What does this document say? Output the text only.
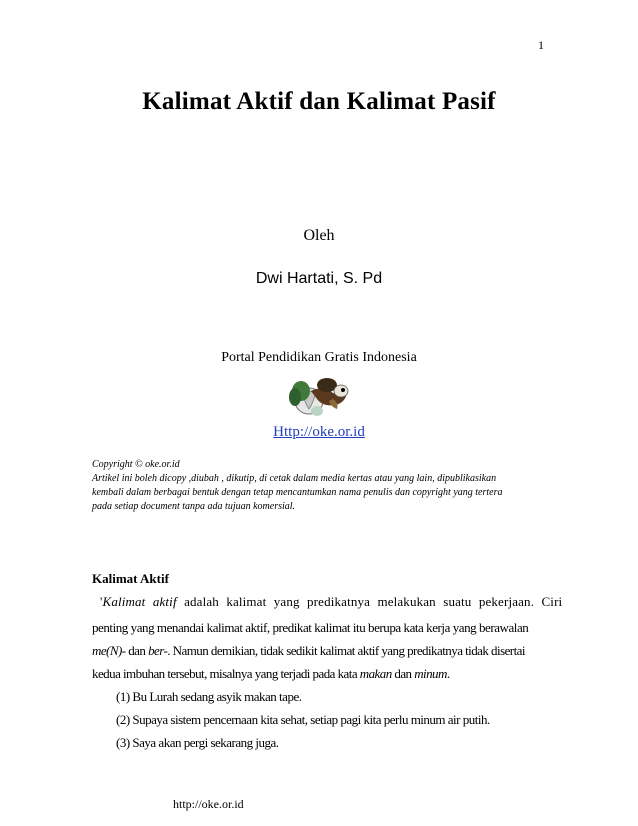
1
Kalimat Aktif dan Kalimat Pasif
Oleh
Dwi Hartati, S. Pd
Portal Pendidikan Gratis Indonesia
Http://oke.or.id
Copyright © oke.or.id
Artikel ini boleh dicopy ,diubah , dikutip, di cetak dalam media kertas atau yang lain, dipublikasikan
kembali dalam berbagai bentuk dengan tetap mencantumkan nama penulis dan copyright yang tertera
pada setiap document tanpa ada tujuan komersial.
Kalimat Aktif
'Kalimat aktif adalah kalimat yang predikatnya melakukan suatu pekerjaan. Ciri
penting yang menandai kalimat aktif, predikat kalimat itu berupa kata kerja yang berawalan
me(N)- dan ber-. Namun demikian, tidak sedikit kalimat aktif yang predikatnya tidak disertai
kedua imbuhan tersebut, misalnya yang terjadi pada kata makan dan minum.
(1) Bu Lurah sedang asyik makan tape.
(2) Supaya sistem pencernaan kita sehat, setiap pagi kita perlu minum air putih.
(3) Saya akan pergi sekarang juga.
http://oke.or.id
